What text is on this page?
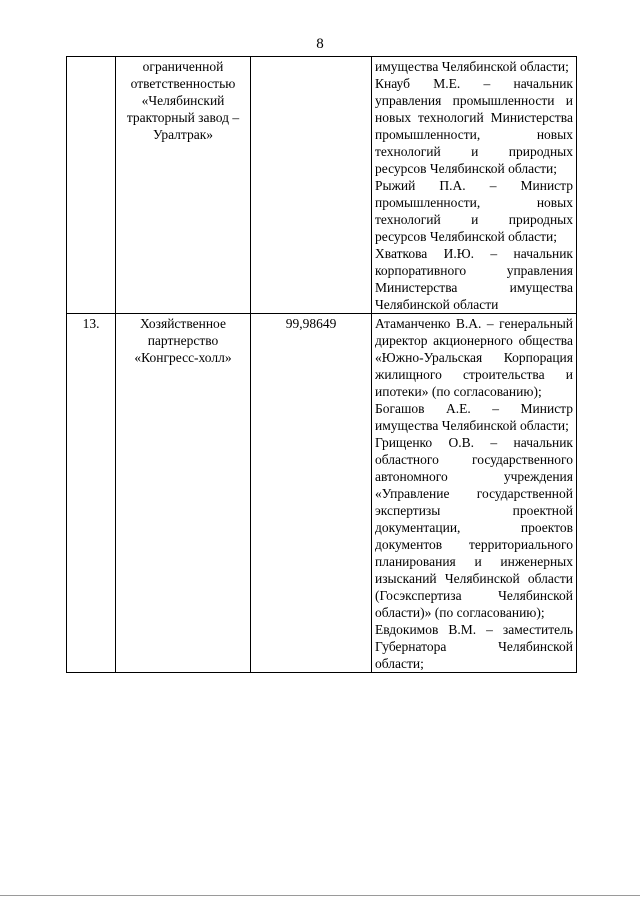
8
	ограниченной ответственностью «Челябинский тракторный завод – Уралтрак»		имущества Челябинской области;

Кнауб М.Е. – начальник управления промышленности и новых технологий Министерства промышленности, новых технологий и природных ресурсов Челябинской области;

Рыжий П.А. – Министр промышленности, новых технологий и природных ресурсов Челябинской области;

Хваткова И.Ю. – начальник корпоративного управления Министерства имущества Челябинской области

13.	Хозяйственное партнерство «Конгресс-холл»	99,98649	Атаманченко В.А. – генеральный директор акционерного общества «Южно-Уральская Корпорация жилищного строительства и ипотеки» (по согласованию);

Богашов А.Е. – Министр имущества Челябинской области;

Грищенко О.В. – начальник областного государственного автономного учреждения «Управление государственной экспертизы проектной документации, проектов документов территориального планирования и инженерных изысканий Челябинской области (Госэкспертиза Челябинской области)» (по согласованию);

Евдокимов В.М. – заместитель Губернатора Челябинской области;
